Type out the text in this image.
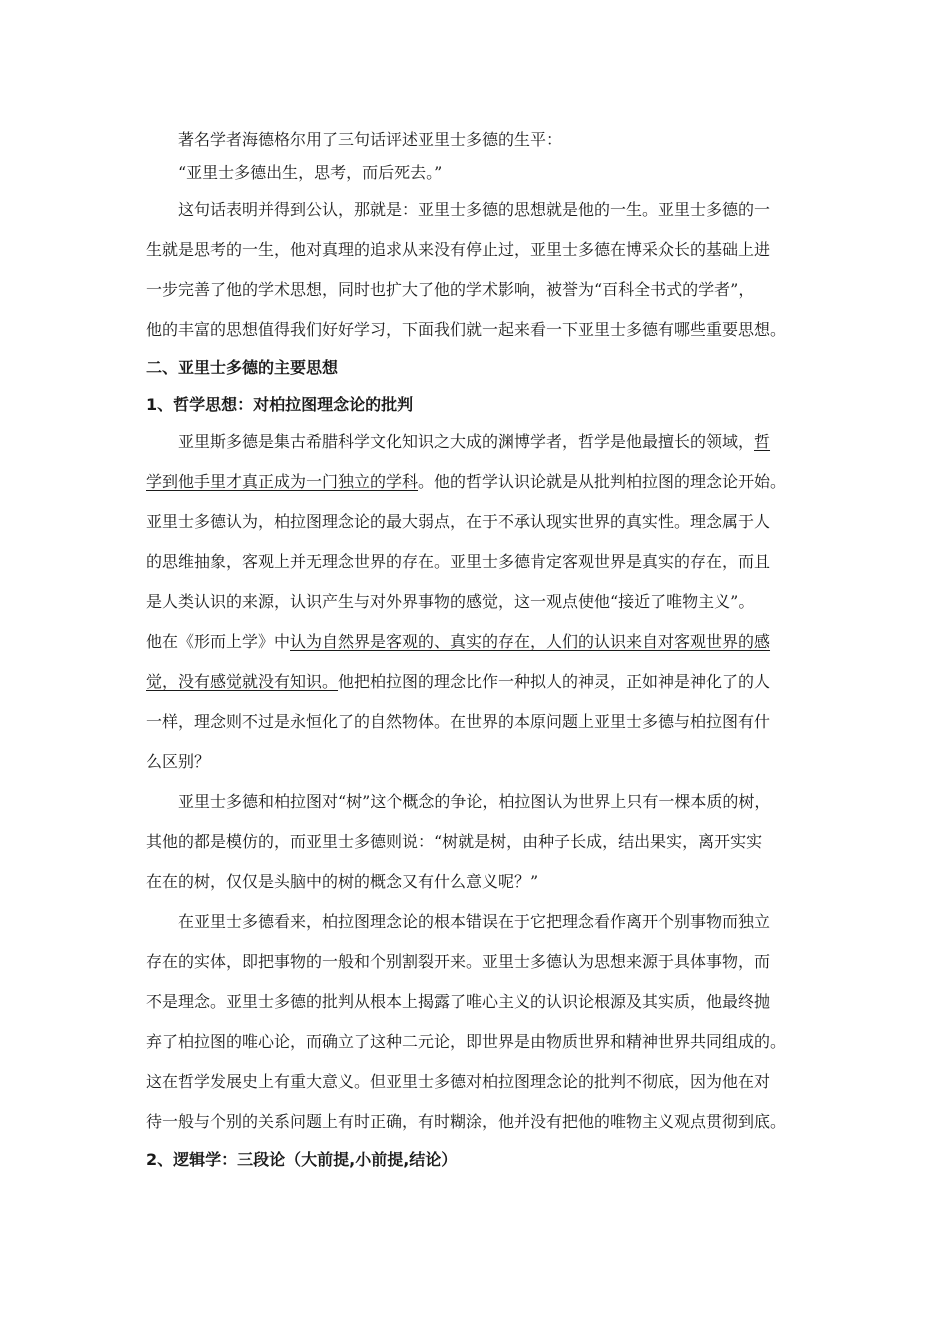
著名学者海德格尔用了三句话评述亚里士多德的生平：
“亚里士多德出生，思考，而后死去。”
这句话表明并得到公认，那就是：亚里士多德的思想就是他的一生。亚里士多德的一
生就是思考的一生，他对真理的追求从来没有停止过，亚里士多德在博采众长的基础上进
一步完善了他的学术思想，同时也扩大了他的学术影响，被誉为“百科全书式的学者”，
他的丰富的思想值得我们好好学习，下面我们就一起来看一下亚里士多德有哪些重要思想。
二、亚里士多德的主要思想
1、哲学思想：对柏拉图理念论的批判
亚里斯多德是集古希腊科学文化知识之大成的渊博学者，哲学是他最擅长的领域，哲
学到他手里才真正成为一门独立的学科。他的哲学认识论就是从批判柏拉图的理念论开始。
亚里士多德认为，柏拉图理念论的最大弱点，在于不承认现实世界的真实性。理念属于人
的思维抽象，客观上并无理念世界的存在。亚里士多德肯定客观世界是真实的存在，而且
是人类认识的来源，认识产生与对外界事物的感觉，这一观点使他“接近了唯物主义”。
他在《形而上学》中认为自然界是客观的、真实的存在，人们的认识来自对客观世界的感
觉，没有感觉就没有知识。他把柏拉图的理念比作一种拟人的神灵，正如神是神化了的人
一样，理念则不过是永恒化了的自然物体。在世界的本原问题上亚里士多德与柏拉图有什
么区别？
亚里士多德和柏拉图对“树”这个概念的争论，柏拉图认为世界上只有一棵本质的树，
其他的都是模仿的，而亚里士多德则说：“树就是树，由种子长成，结出果实，离开实实
在在的树，仅仅是头脑中的树的概念又有什么意义呢？”
在亚里士多德看来，柏拉图理念论的根本错误在于它把理念看作离开个别事物而独立
存在的实体，即把事物的一般和个别割裂开来。亚里士多德认为思想来源于具体事物，而
不是理念。亚里士多德的批判从根本上揭露了唯心主义的认识论根源及其实质，他最终抛
弃了柏拉图的唯心论，而确立了这种二元论，即世界是由物质世界和精神世界共同组成的。
这在哲学发展史上有重大意义。但亚里士多德对柏拉图理念论的批判不彻底，因为他在对
待一般与个别的关系问题上有时正确，有时糊涂，他并没有把他的唯物主义观点贯彻到底。
2、逻辑学：三段论（大前提,小前提,结论）
